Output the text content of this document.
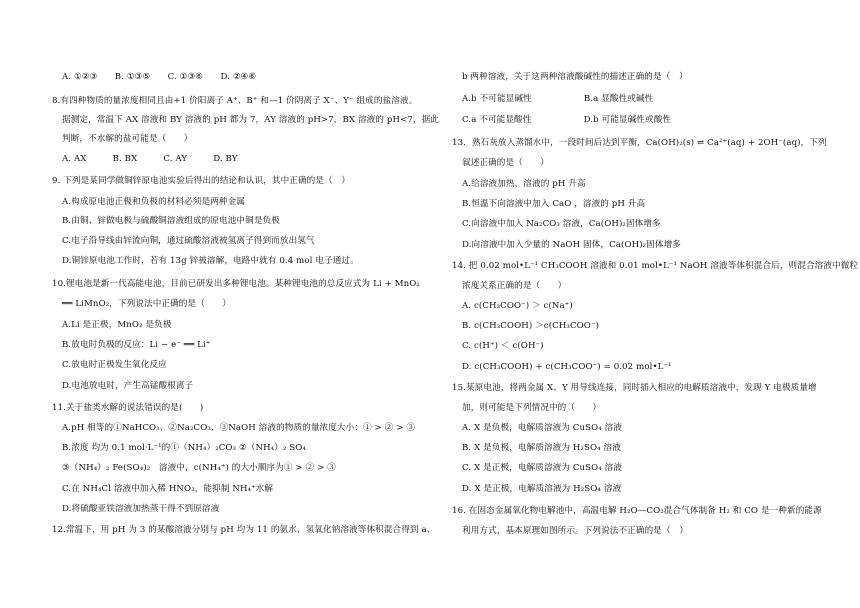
A. ①②③　　B. ①③⑤　　C. ①③⑥　　D. ②④⑥
8.有四种物质的量浓度相同且由+1 价阳离子 A⁺、B⁺ 和—1 价阴离子 X⁻、Y⁻ 组成的盐溶液。
据测定，常温下 AX 溶液和 BY 溶液的 pH 都为 7，AY 溶液的 pH>7，BX 溶液的 pH<7，据此
判断，不水解的盐可能是（　　）
A. AX　　　B. BX　　　C. AY　　　D. BY
9. 下列是某同学做铜锌原电池实验后得出的结论和认识，其中正确的是（　）
A.构成原电池正极和负极的材料必须是两种金属
B.由铜、锌做电极与硫酸铜溶液组成的原电池中铜是负极
C.电子沿导线由锌流向铜，通过硫酸溶液被氢离子得到而放出氢气
D.铜锌原电池工作时，若有 13g 锌被溶解，电路中就有 0.4 mol 电子通过。
10.锂电池是新一代高能电池，目前已研发出多种锂电池。某种锂电池的总反应式为 Li + MnO₂
══ LiMnO₂，下列说法中正确的是（　　）
A.Li 是正极，MnO₂ 是负极
B.放电时负极的反应：Li − e⁻ ══ Li⁺
C.放电时正极发生氧化反应
D.电池放电时，产生高锰酸根离子
11.关于盐类水解的说法错误的是(　　)
A.pH 相等的①NaHCO₃、②Na₂CO₃、③NaOH 溶液的物质的量浓度大小：① > ② > ③
B.浓度 均为 0.1 mol·L⁻¹的①（NH₄）₂CO₃ ②（NH₄）₂ SO₄
③（NH₄）₂ Fe(SO₄)₂　溶液中，c(NH₄⁺) 的大小顺序为① > ② > ③
C.在 NH₄Cl 溶液中加入稀 HNO₃，能抑制 NH₄⁺水解
D.将硫酸亚铁溶液加热蒸干得不到原溶液
12.常温下，用 pH 为 3 的某酸溶液分别与 pH 均为 11 的氨水、氢氧化钠溶液等体积混合得到 a、
b 两种溶液，关于这两种溶液酸碱性的描述正确的是（　）
A.b 不可能显碱性　　　　　　B.a 显酸性或碱性
C.a 不可能显酸性　　　　　　D.b 可能显碱性或酸性
13．熟石灰放入蒸馏水中，一段时间后达到平衡，Ca(OH)₂(s) ⇌ Ca²⁺(aq) + 2OH⁻(aq)，下列
叙述正确的是（　　）
A.给溶液加热，溶液的 pH 升高
B.恒温下向溶液中加入 CaO ，溶液的 pH 升高
C.向溶液中加入 Na₂CO₃ 溶液，Ca(OH)₂固体增多
D.向溶液中加入少量的 NaOH 固体，Ca(OH)₂固体增多
14. 把 0.02 mol•L⁻¹ CH₃COOH 溶液和 0.01 mol•L⁻¹ NaOH 溶液等体积混合后，则混合溶液中微粒
浓度关系正确的是（　　）
A. c(CH₃COO⁻) ＞ c(Na⁺)
B. c(CH₃COOH) ＞c(CH₃COO⁻)
C. c(H⁺) ＜ c(OH⁻)
D. c(CH₃COOH) + c(CH₃COO⁻) = 0.02 mol•L⁻¹
15.某原电池，将两金属 X、Y 用导线连接，同时插入相应的电解质溶液中，发现 Y 电极质量增
加，则可能是下列情况中的（　　）
A. X 是负极，电解质溶液为 CuSO₄ 溶液
B. X 是负极，电解质溶液为 H₂SO₄ 溶液
C. X 是正极，电解质溶液为 CuSO₄ 溶液
D. X 是正极，电解质溶液为 H₂SO₄ 溶液
16. 在固态金属氧化物电解池中，高温电解 H₂O—CO₂混合气体制备 H₂ 和 CO 是一种新的能源
利用方式，基本原理如图所示。下列说法不正确的是（　）
